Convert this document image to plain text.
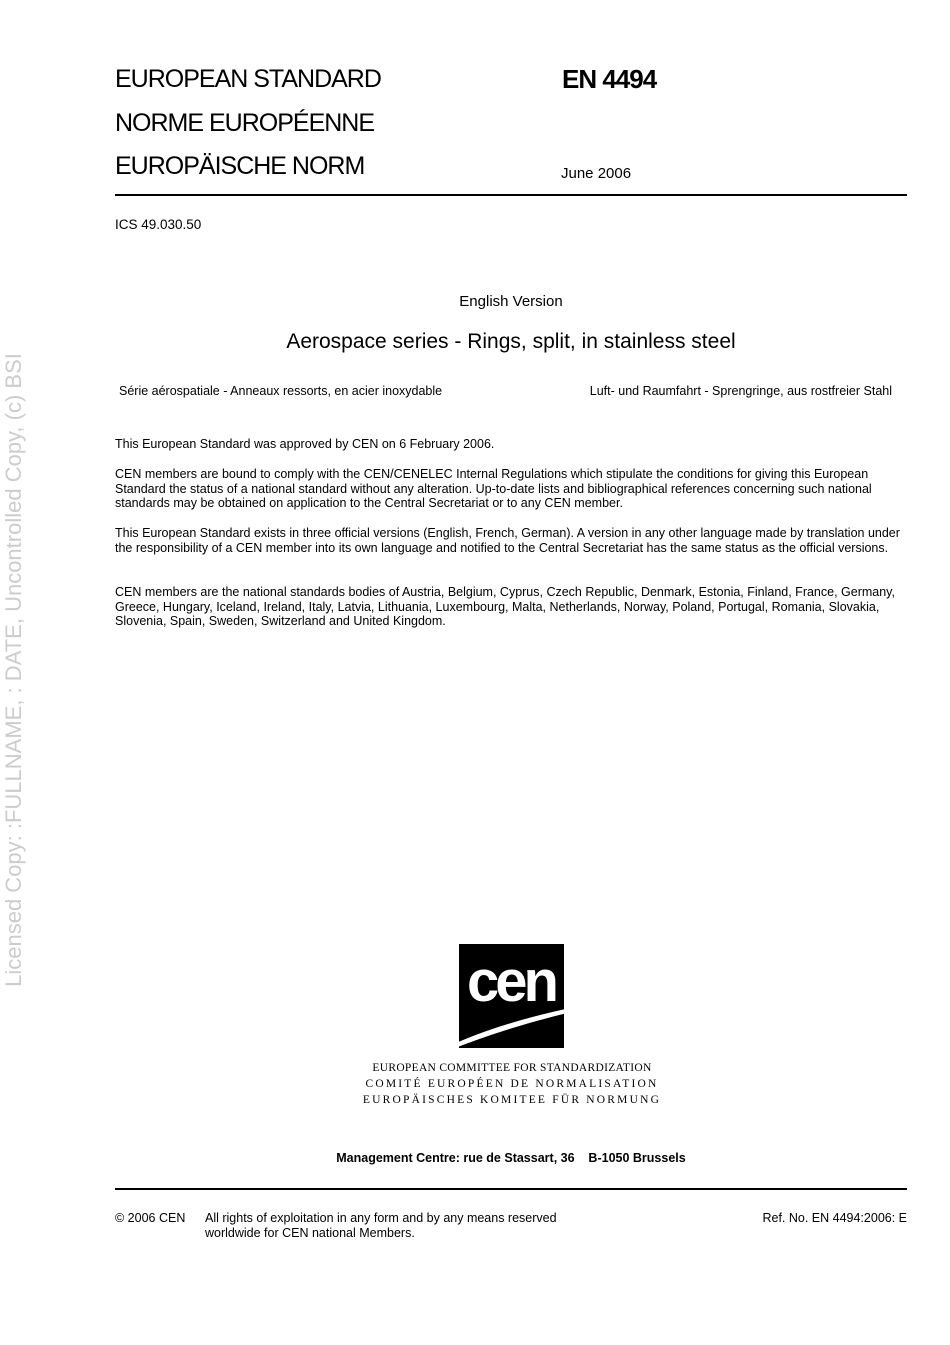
Licensed Copy: :FULLNAME, : DATE, Uncontrolled Copy, (c) BSI
EUROPEAN STANDARD
NORME EUROPÉENNE
EUROPÄISCHE NORM
EN 4494
June 2006
ICS 49.030.50
English Version
Aerospace series - Rings, split, in stainless steel
Série aérospatiale - Anneaux ressorts, en acier inoxydable	Luft- und Raumfahrt - Sprengringe, aus rostfreier Stahl

This European Standard was approved by CEN on 6 February 2006.

CEN members are bound to comply with the CEN/CENELEC Internal Regulations which stipulate the conditions for giving this European Standard the status of a national standard without any alteration. Up-to-date lists and bibliographical references concerning such national standards may be obtained on application to the Central Secretariat or to any CEN member.

This European Standard exists in three official versions (English, French, German). A version in any other language made by translation under the responsibility of a CEN member into its own language and notified to the Central Secretariat has the same status as the official versions.

CEN members are the national standards bodies of Austria, Belgium, Cyprus, Czech Republic, Denmark, Estonia, Finland, France, Germany, Greece, Hungary, Iceland, Ireland, Italy, Latvia, Lithuania, Luxembourg, Malta, Netherlands, Norway, Poland, Portugal, Romania, Slovakia, Slovenia, Spain, Sweden, Switzerland and United Kingdom.

cen
EUROPEAN COMMITTEE FOR STANDARDIZATION
COMITÉ EUROPÉEN DE NORMALISATION
EUROPÄISCHES KOMITEE FÜR NORMUNG
Management Centre: rue de Stassart, 36    B-1050 Brussels
© 2006 CEN All rights of exploitation in any form and by any means reserved
worldwide for CEN national Members.
Ref. No. EN 4494:2006: E
